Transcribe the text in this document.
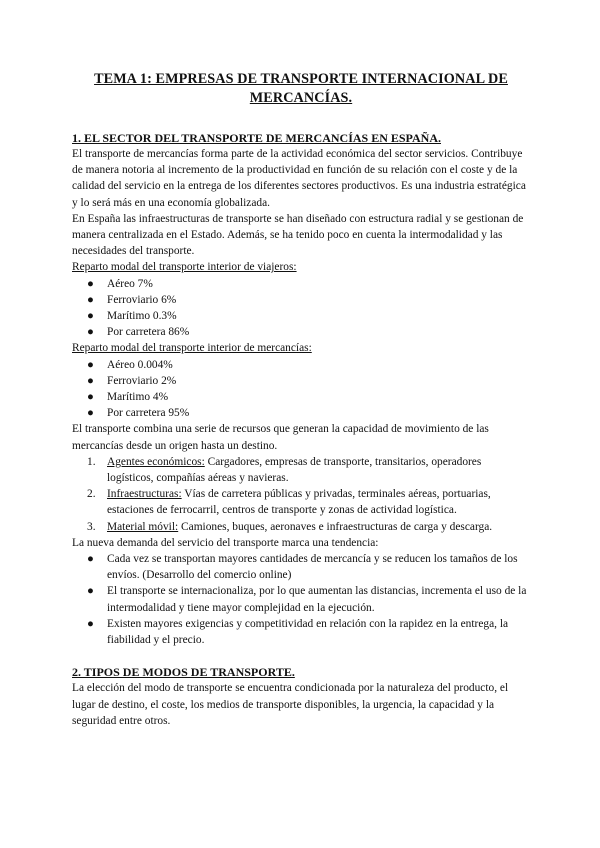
TEMA 1: EMPRESAS DE TRANSPORTE INTERNACIONAL DE MERCANCÍAS.
1. EL SECTOR DEL TRANSPORTE DE MERCANCÍAS EN ESPAÑA.

El transporte de mercancías forma parte de la actividad económica del sector servicios. Contribuye de manera notoria al incremento de la productividad en función de su relación con el coste y de la calidad del servicio en la entrega de los diferentes sectores productivos. Es una industria estratégica y lo será más en una economía globalizada.

En España las infraestructuras de transporte se han diseñado con estructura radial y se gestionan de manera centralizada en el Estado. Además, se ha tenido poco en cuenta la intermodalidad y las necesidades del transporte.

Reparto modal del transporte interior de viajeros:

● Aéreo 7%
● Ferroviario 6%
● Marítimo 0.3%
● Por carretera 86%

Reparto modal del transporte interior de mercancías:

● Aéreo 0.004%
● Ferroviario 2%
● Marítimo 4%
● Por carretera 95%

El transporte combina una serie de recursos que generan la capacidad de movimiento de las mercancías desde un origen hasta un destino.

1. Agentes económicos: Cargadores, empresas de transporte, transitarios, operadores logísticos, compañías aéreas y navieras.
2. Infraestructuras: Vías de carretera públicas y privadas, terminales aéreas, portuarias, estaciones de ferrocarril, centros de transporte y zonas de actividad logística.
3. Material móvil: Camiones, buques, aeronaves e infraestructuras de carga y descarga.

La nueva demanda del servicio del transporte marca una tendencia:

● Cada vez se transportan mayores cantidades de mercancía y se reducen los tamaños de los envíos. (Desarrollo del comercio online)
● El transporte se internacionaliza, por lo que aumentan las distancias, incrementa el uso de la intermodalidad y tiene mayor complejidad en la ejecución.
● Existen mayores exigencias y competitividad en relación con la rapidez en la entrega, la fiabilidad y el precio.
2. TIPOS DE MODOS DE TRANSPORTE.

La elección del modo de transporte se encuentra condicionada por la naturaleza del producto, el lugar de destino, el coste, los medios de transporte disponibles, la urgencia, la capacidad y la seguridad entre otros.
